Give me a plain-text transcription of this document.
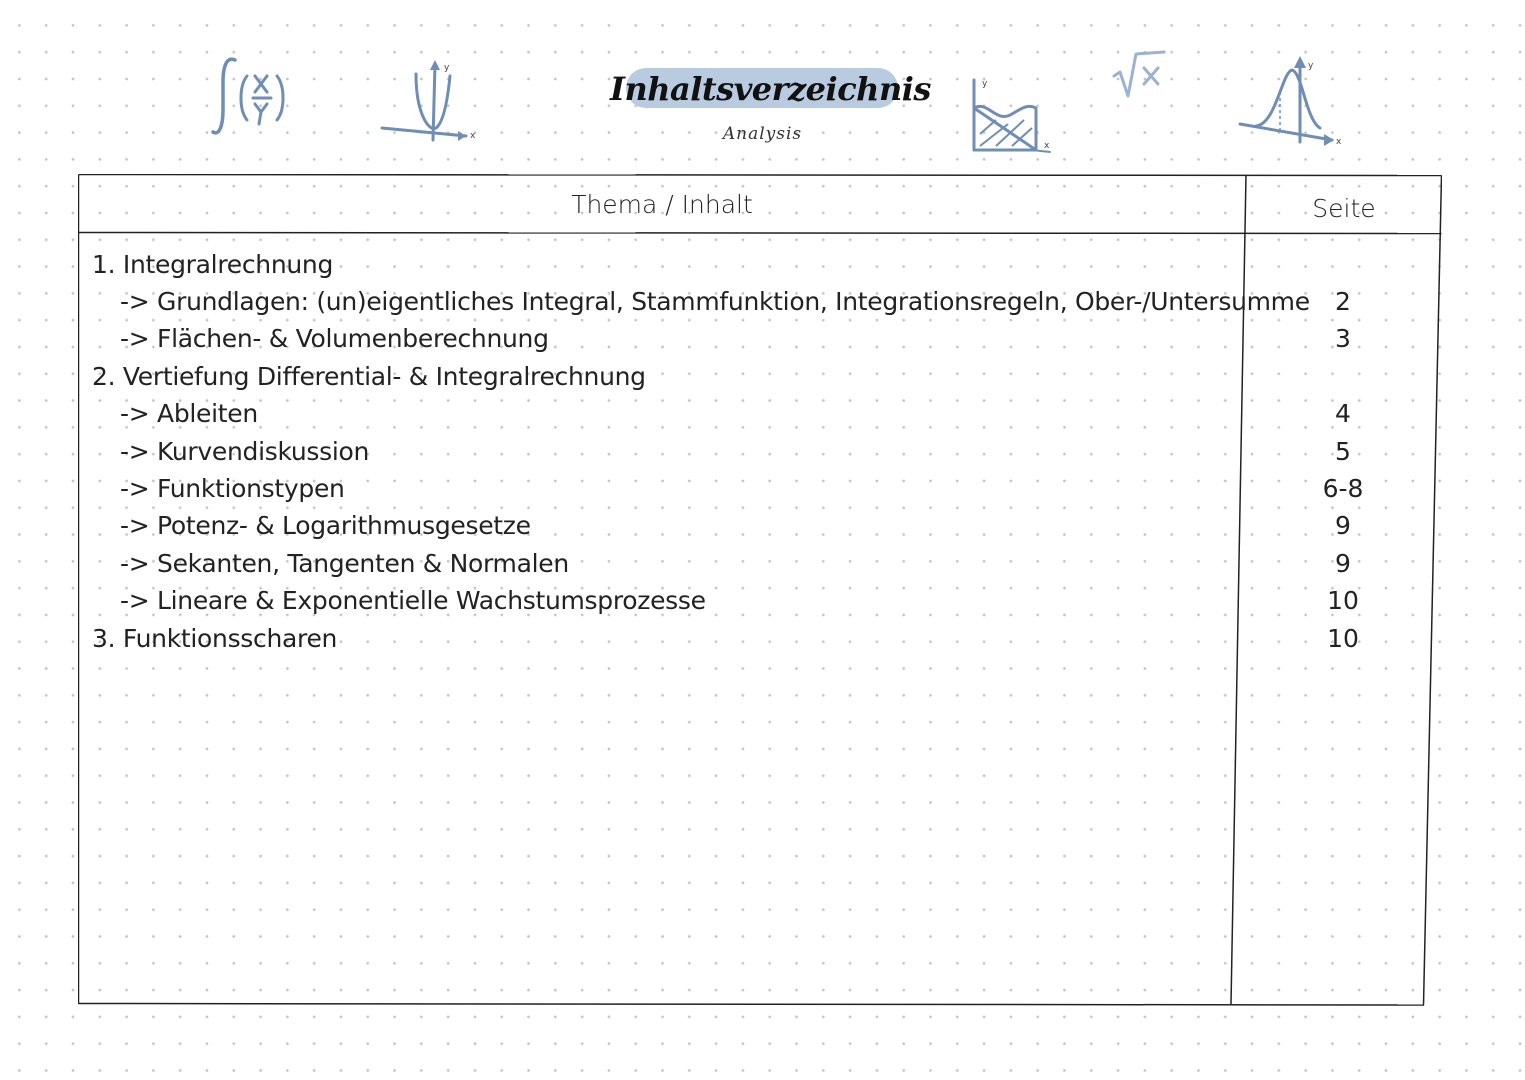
y
x
Inhaltsverzeichnis
Analysis
y
x
y
x
Thema / Inhalt	Seite
1. Integralrechnung
-> Grundlagen: (un)eigentliches Integral, Stammfunktion, Integrationsregeln, Ober-/Untersumme	2
-> Flächen- & Volumenberechnung	3
2. Vertiefung Differential- & Integralrechnung
-> Ableiten	4
-> Kurvendiskussion	5
-> Funktionstypen	6-8
-> Potenz- & Logarithmusgesetze	9
-> Sekanten, Tangenten & Normalen	9
-> Lineare & Exponentielle Wachstumsprozesse	10
3. Funktionsscharen	10
